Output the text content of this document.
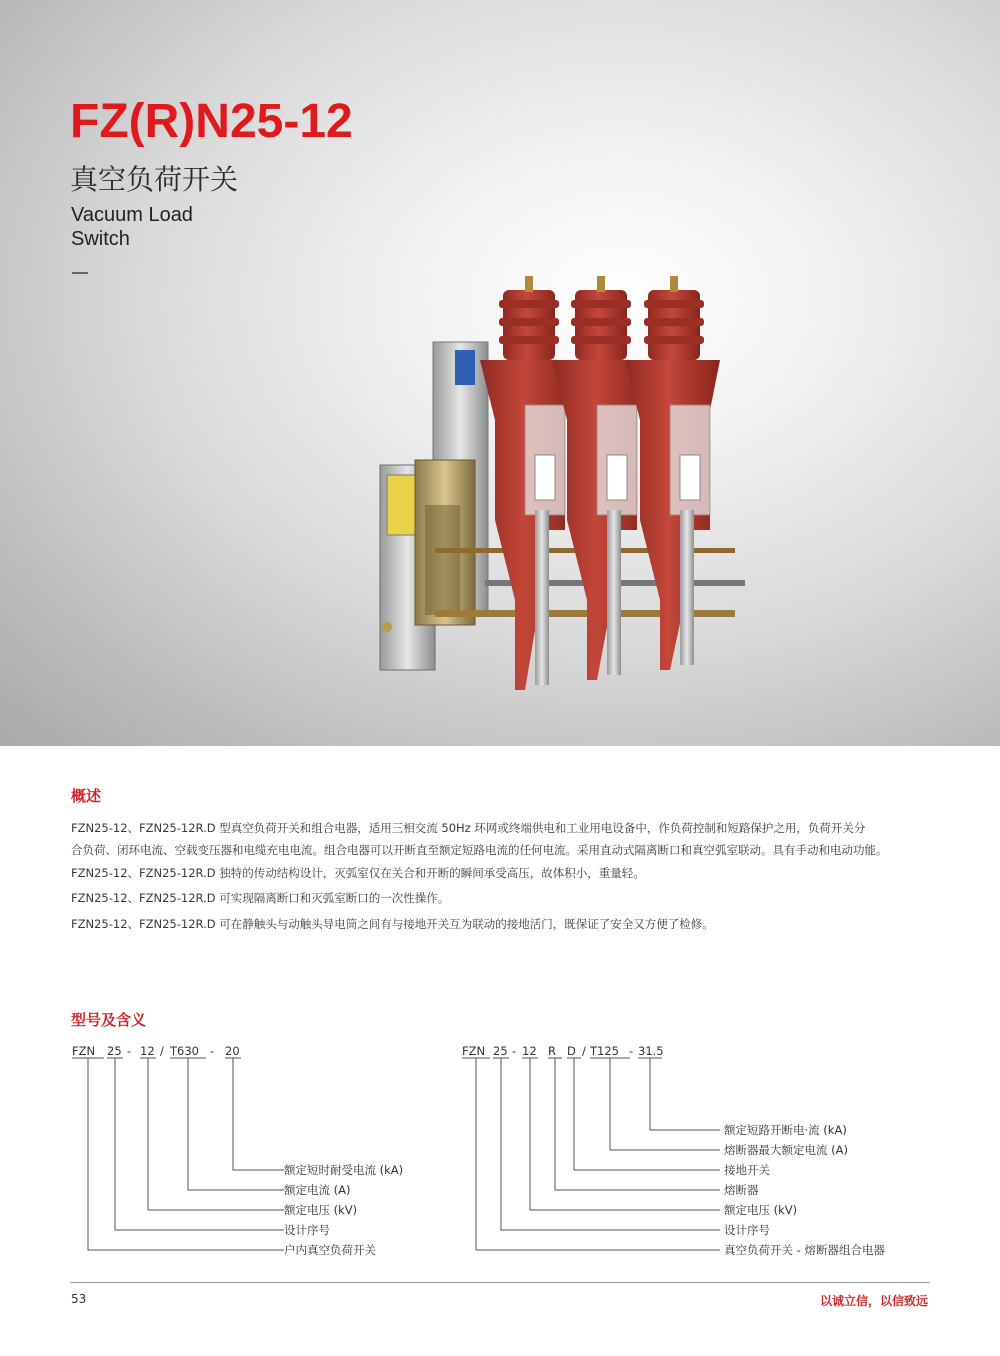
FZ(R)N25-12
真空负荷开关
Vacuum Load
Switch
概述

FZN25-12、FZN25-12R.D 型真空负荷开关和组合电器，适用三相交流 50Hz 环网或终端供电和工业用电设备中，作负荷控制和短路保护之用，负荷开关分
合负荷、闭环电流、空载变压器和电缆充电电流。组合电器可以开断直至额定短路电流的任何电流。采用直动式隔离断口和真空弧室联动。具有手动和电动功能。

FZN25-12、FZN25-12R.D 独特的传动结构设计，灭弧室仅在关合和开断的瞬间承受高压，故体积小，重量轻。

FZN25-12、FZN25-12R.D 可实现隔离断口和灭弧室断口的一次性操作。

FZN25-12、FZN25-12R.D 可在静触头与动触头导电筒之间有与接地开关互为联动的接地活门，既保证了安全又方便了检修。

型号及含义
FZN 25 - 12 / T630 - 20
额定短时耐受电流 (kA)
额定电流 (A)
额定电压 (kV)
设计序号
户内真空负荷开关
FZN 25 - 12 R D / T125 - 31.5
额定短路开断电·流 (kA)
熔断器最大额定电流 (A)
接地开关
熔断器
额定电压 (kV)
设计序号
真空负荷开关 - 熔断器组合电器
53	以诚立信，以信致远
